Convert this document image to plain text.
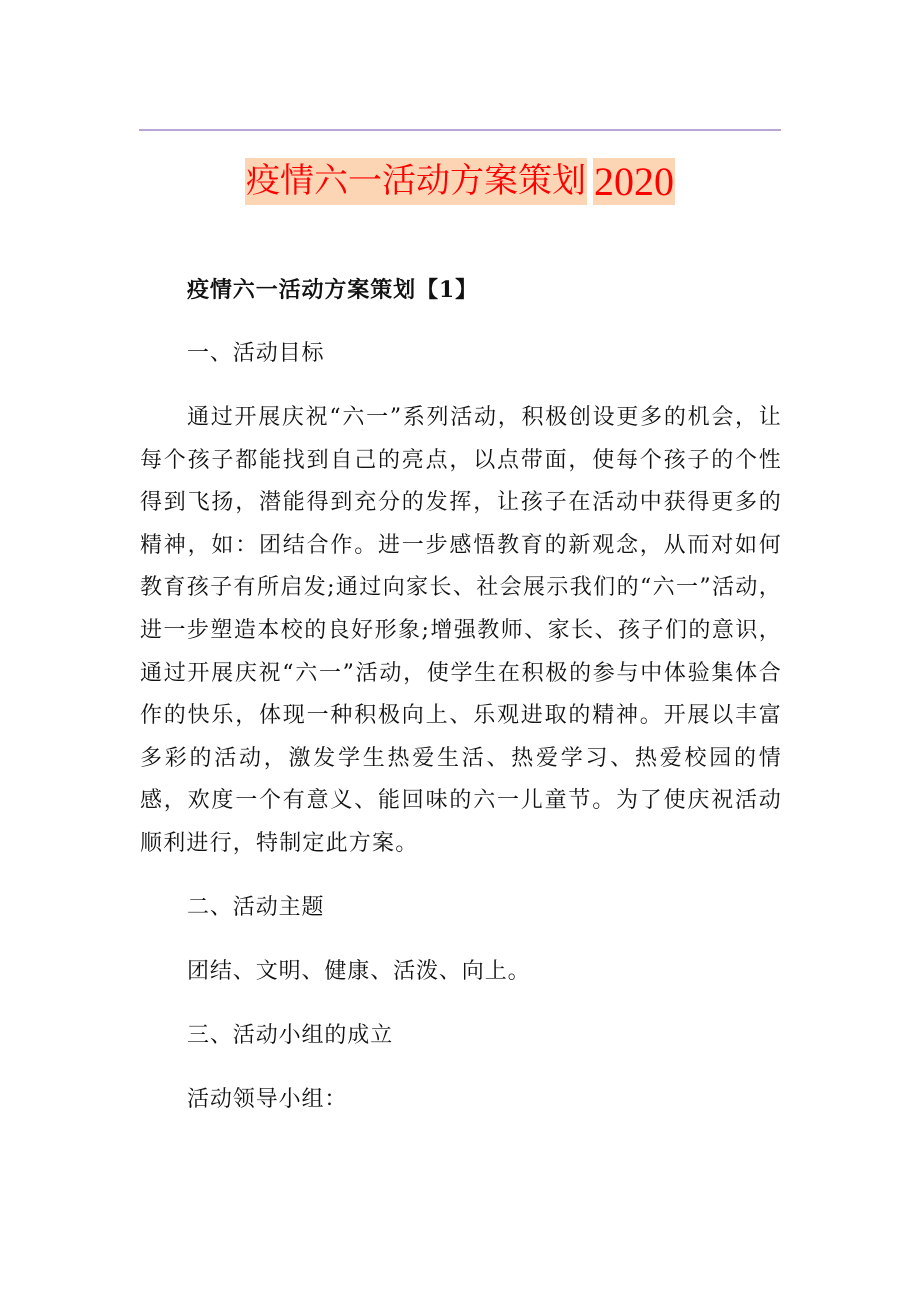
疫情六一活动方案策划 2020
疫情六一活动方案策划【1】
一、活动目标
通过开展庆祝“六一”系列活动，积极创设更多的机会，让每个孩子都能找到自己的亮点，以点带面，使每个孩子的个性得到飞扬，潜能得到充分的发挥，让孩子在活动中获得更多的精神，如：团结合作。进一步感悟教育的新观念，从而对如何教育孩子有所启发;通过向家长、社会展示我们的“六一”活动，进一步塑造本校的良好形象;增强教师、家长、孩子们的意识，通过开展庆祝“六一”活动，使学生在积极的参与中体验集体合作的快乐，体现一种积极向上、乐观进取的精神。开展以丰富多彩的活动，激发学生热爱生活、热爱学习、热爱校园的情感，欢度一个有意义、能回味的六一儿童节。为了使庆祝活动顺利进行，特制定此方案。
二、活动主题
团结、文明、健康、活泼、向上。
三、活动小组的成立
活动领导小组：
